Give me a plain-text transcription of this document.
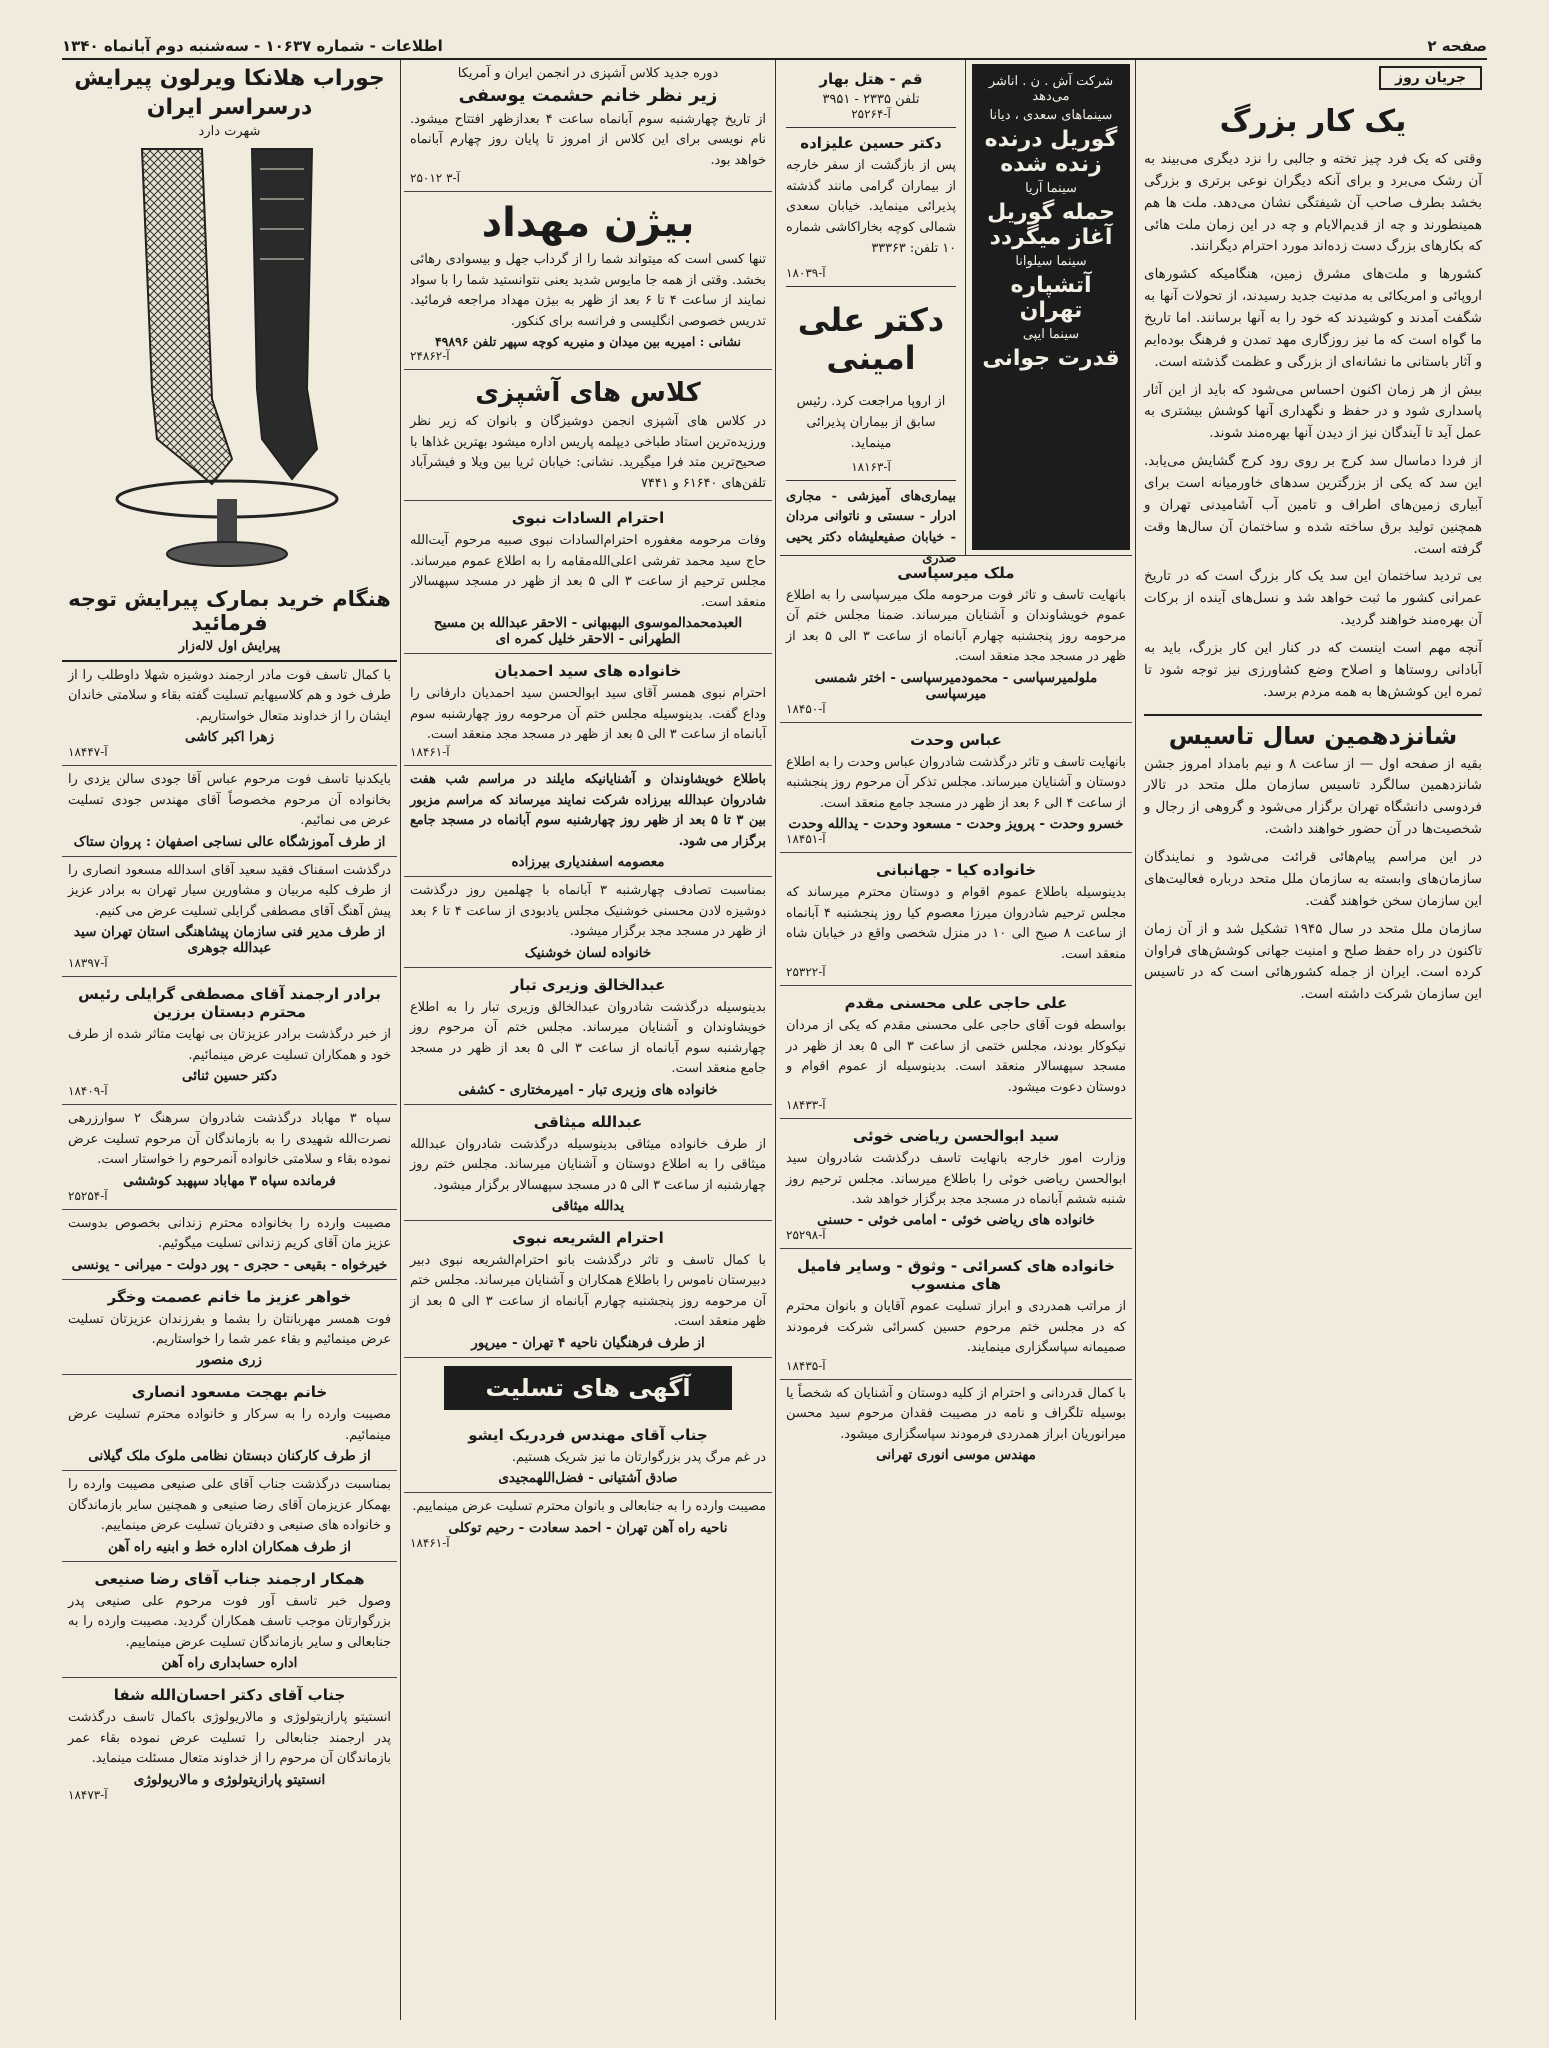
صفحه ۲
اطلاعات - شماره ۱۰۶۳۷ - سه‌شنبه دوم آبانماه ۱۳۴۰
جریان روز
یک کار بزرگ

وقتی که یک فرد چیز تخته و جالبی را نزد دیگری می‌بیند به آن رشک می‌برد و برای آنکه دیگران نوعی برتری و بزرگی بخشد بطرف صاحب آن شیفتگی نشان می‌دهد. ملت ها هم همینطورند و چه از قدیم‌الایام و چه در این زمان ملت هائی که بکارهای بزرگ دست زده‌اند مورد احترام دیگرانند.

کشورها و ملت‌های مشرق زمین، هنگامیکه کشورهای اروپائی و امریکائی به مدنیت جدید رسیدند، از تحولات آنها به شگفت آمدند و کوشیدند که خود را به آنها برسانند. اما تاریخ ما گواه است که ما نیز روزگاری مهد تمدن و فرهنگ بوده‌ایم و آثار باستانی ما نشانه‌ای از بزرگی و عظمت گذشته است.

بیش از هر زمان اکنون احساس می‌شود که باید از این آثار پاسداری شود و در حفظ و نگهداری آنها کوشش بیشتری به عمل آید تا آیندگان نیز از دیدن آنها بهره‌مند شوند.

از فردا دماسال سد کرج بر روی رود کرج گشایش می‌یابد. این سد که یکی از بزرگترین سدهای خاورمیانه است برای آبیاری زمین‌های اطراف و تامین آب آشامیدنی تهران و همچنین تولید برق ساخته شده و ساختمان آن سال‌ها وقت گرفته است.

بی تردید ساختمان این سد یک کار بزرگ است که در تاریخ عمرانی کشور ما ثبت خواهد شد و نسل‌های آینده از برکات آن بهره‌مند خواهند گردید.

آنچه مهم است اینست که در کنار این کار بزرگ، باید به آبادانی روستاها و اصلاح وضع کشاورزی نیز توجه شود تا ثمره این کوشش‌ها به همه مردم برسد.

شانزدهمین سال تاسیس

بقیه از صفحه اول — از ساعت ۸ و نیم بامداد امروز جشن شانزدهمین سالگرد تاسیس سازمان ملل متحد در تالار فردوسی دانشگاه تهران برگزار می‌شود و گروهی از رجال و شخصیت‌ها در آن حضور خواهند داشت.

در این مراسم پیام‌هائی قرائت می‌شود و نمایندگان سازمان‌های وابسته به سازمان ملل متحد درباره فعالیت‌های این سازمان سخن خواهند گفت.

سازمان ملل متحد در سال ۱۹۴۵ تشکیل شد و از آن زمان تاکنون در راه حفظ صلح و امنیت جهانی کوشش‌های فراوان کرده است. ایران از جمله کشورهائی است که در تاسیس این سازمان شرکت داشته است.

شرکت آش . ن . اناشر می‌دهد
سینماهای سعدی ، دیانا
گوریل درنده زنده شده
سینما آریا
حمله گوریل آغاز میگردد
سینما سیلوانا
آتشپاره تهران
سینما ایپی
قدرت جوانی
قم - هتل بهار
تلفن ۲۳۳۵ - ۳۹۵۱
آ-۲۵۲۶۴
دکتر حسین علیزاده

پس از بازگشت از سفر خارجه از بیماران گرامی مانند گذشته پذیرائی مینماید. خیابان سعدی شمالی کوچه بخاراکاشی شماره ۱۰ تلفن: ۳۳۳۶۳

آ-۱۸۰۳۹
دکتر علی امینی

از اروپا مراجعت کرد. رئیس سابق از بیماران پذیرائی مینماید.

آ-۱۸۱۶۳

بیماری‌های آمیزشی - مجاری ادرار - سستی و ناتوانی مردان - خیابان صفیعلیشاه دکتر یحیی صدری

ملک میرسپاسی

بانهایت تاسف و تاثر فوت مرحومه ملک میرسپاسی را به اطلاع عموم خویشاوندان و آشنایان میرساند. ضمنا مجلس ختم آن مرحومه روز پنجشنبه چهارم آبانماه از ساعت ۳ الی ۵ بعد از ظهر در مسجد مجد منعقد است.

ملولمیرسپاسی - محمودمیرسپاسی - اختر شمسی میرسپاسی
آ-۱۸۴۵۰
عباس وحدت

بانهایت تاسف و تاثر درگذشت شادروان عباس وحدت را به اطلاع دوستان و آشنایان میرساند. مجلس تذکر آن مرحوم روز پنجشنبه از ساعت ۴ الی ۶ بعد از ظهر در مسجد جامع منعقد است.

خسرو وحدت - پرویز وحدت - مسعود وحدت - یدالله وحدت
آ-۱۸۴۵۱
خانواده کیا - جهانبانی

بدینوسیله باطلاع عموم اقوام و دوستان محترم میرساند که مجلس ترحیم شادروان میرزا معصوم کیا روز پنجشنبه ۴ آبانماه از ساعت ۸ صبح الی ۱۰ در منزل شخصی واقع در خیابان شاه منعقد است.

آ-۲۵۳۲۲
علی حاجی علی محسنی مقدم

بواسطه فوت آقای حاجی علی محسنی مقدم که یکی از مردان نیکوکار بودند، مجلس ختمی از ساعت ۳ الی ۵ بعد از ظهر در مسجد سپهسالار منعقد است. بدینوسیله از عموم اقوام و دوستان دعوت میشود.

آ-۱۸۴۳۳
سید ابوالحسن ریاضی خوئی

وزارت امور خارجه بانهایت تاسف درگذشت شادروان سید ابوالحسن ریاضی خوئی را باطلاع میرساند. مجلس ترحیم روز شنبه ششم آبانماه در مسجد مجد برگزار خواهد شد.

خانواده های ریاضی خوئی - امامی خوئی - حسنی
آ-۲۵۲۹۸
خانواده های کسرائی - وثوق - وسایر فامیل های منسوب

از مراتب همدردی و ابراز تسلیت عموم آقایان و بانوان محترم که در مجلس ختم مرحوم حسین کسرائی شرکت فرمودند صمیمانه سپاسگزاری مینمایند.

آ-۱۸۴۳۵

با کمال قدردانی و احترام از کلیه دوستان و آشنایان که شخصاً یا بوسیله تلگراف و نامه در مصیبت فقدان مرحوم سید محسن میرانوریان ابراز همدردی فرمودند سپاسگزاری میشود.

مهندس موسی انوری تهرانی
دوره جدید کلاس آشپزی در انجمن ایران و آمریکا
زیر نظر خانم حشمت یوسفی

از تاریخ چهارشنبه سوم آبانماه ساعت ۴ بعدازظهر افتتاح میشود. نام نویسی برای این کلاس از امروز تا پایان روز چهارم آبانماه خواهد بود.

آ-۳ ۲۵۰۱۲
بیژن مهداد

تنها کسی است که میتواند شما را از گرداب جهل و بیسوادی رهائی بخشد. وقتی از همه جا مایوس شدید یعنی نتوانستید شما را با سواد نمایند از ساعت ۴ تا ۶ بعد از ظهر به بیژن مهداد مراجعه فرمائید. تدریس خصوصی انگلیسی و فرانسه برای کنکور.

نشانی : امیریه بین میدان و منیریه کوچه سپهر تلفن ۴۹۸۹۶
آ-۲۴۸۶۲
کلاس های آشپزی

در کلاس های آشپزی انجمن دوشیزگان و بانوان که زیر نظر ورزیده‌ترین استاد طباخی دیپلمه پاریس اداره میشود بهترین غذاها با صحیح‌ترین متد فرا میگیرید. نشانی: خیابان ثریا بین ویلا و فیشرآباد تلفن‌های ۶۱۶۴۰ و ۷۴۴۱

احترام السادات نبوی

وفات مرحومه مغفوره احترام‌السادات نبوی صبیه مرحوم آیت‌الله حاج سید محمد تفرشی اعلی‌الله‌مقامه را به اطلاع عموم میرساند. مجلس ترحیم از ساعت ۳ الی ۵ بعد از ظهر در مسجد سپهسالار منعقد است.

العبدمحمدالموسوی البهبهانی - الاحقر عبدالله بن مسیح الطهرانی - الاحقر خلیل کمره ای
خانواده های سید احمدیان

احترام نبوی همسر آقای سید ابوالحسن سید احمدیان دارفانی را وداع گفت. بدینوسیله مجلس ختم آن مرحومه روز چهارشنبه سوم آبانماه از ساعت ۳ الی ۵ بعد از ظهر در مسجد مجد منعقد است.

آ-۱۸۴۶۱

باطلاع خویشاوندان و آشنایانیکه مایلند در مراسم شب هفت شادروان عبدالله بیرزاده شرکت نمایند میرساند که مراسم مزبور بین ۳ تا ۵ بعد از ظهر روز چهارشنبه سوم آبانماه در مسجد جامع برگزار می شود.

معصومه اسفندیاری بیرزاده

بمناسبت تصادف چهارشنبه ۳ آبانماه با چهلمین روز درگذشت دوشیزه لادن محسنی خوشنیک مجلس یادبودی از ساعت ۴ تا ۶ بعد از ظهر در مسجد مجد برگزار میشود.

خانواده لسان خوشنیک
عبدالخالق وزیری تبار

بدینوسیله درگذشت شادروان عبدالخالق وزیری تبار را به اطلاع خویشاوندان و آشنایان میرساند. مجلس ختم آن مرحوم روز چهارشنبه سوم آبانماه از ساعت ۳ الی ۵ بعد از ظهر در مسجد جامع منعقد است.

خانواده های وزیری تبار - امیرمختاری - کشفی
عبدالله میثاقی

از طرف خانواده میثاقی بدینوسیله درگذشت شادروان عبدالله میثاقی را به اطلاع دوستان و آشنایان میرساند. مجلس ختم روز چهارشنبه از ساعت ۳ الی ۵ در مسجد سپهسالار برگزار میشود.

یدالله میثاقی
احترام الشریعه نبوی

با کمال تاسف و تاثر درگذشت بانو احترام‌الشریعه نبوی دبیر دبیرستان ناموس را باطلاع همکاران و آشنایان میرساند. مجلس ختم آن مرحومه روز پنجشنبه چهارم آبانماه از ساعت ۳ الی ۵ بعد از ظهر منعقد است.

از طرف فرهنگیان ناحیه ۴ تهران - میرپور
آگهی های تسلیت
جناب آقای مهندس فردریک ایشو

در غم مرگ پدر بزرگوارتان ما نیز شریک هستیم.

صادق آشتیانی - فضل‌اللهمجیدی

مصیبت وارده را به جنابعالی و بانوان محترم تسلیت عرض مینماییم.

ناحیه راه آهن تهران - احمد سعادت - رحیم توکلی
آ-۱۸۴۶۱
جوراب هلانکا ویرلون پیرایش
درسراسر ایران
شهرت دارد
هنگام خرید بمارک پیرایش توجه فرمائید
پیرایش اول لاله‌زار

با کمال تاسف فوت مادر ارجمند دوشیزه شهلا داوطلب را از طرف خود و هم کلاسیهایم تسلیت گفته بقاء و سلامتی خاندان ایشان را از خداوند متعال خواستاریم.

زهرا اکبر کاشی
آ-۱۸۴۴۷

بایکدنیا تاسف فوت مرحوم عباس آقا جودی سالن یزدی را بخانواده آن مرحوم مخصوصاً آقای مهندس جودی تسلیت عرض می نمائیم.

از طرف آموزشگاه عالی نساجی اصفهان : پروان ستاک

درگذشت اسفناک فقید سعید آقای اسدالله مسعود انصاری را از طرف کلیه مربیان و مشاورین سیار تهران به برادر عزیز پیش آهنگ آقای مصطفی گرایلی تسلیت عرض می کنیم.

از طرف مدیر فنی سازمان پیشاهنگی استان تهران سید عبدالله جوهری
آ-۱۸۳۹۷
برادر ارجمند آقای مصطفی گرایلی رئیس محترم دبستان برزین

از خبر درگذشت برادر عزیزتان بی نهایت متاثر شده از طرف خود و همکاران تسلیت عرض مینمائیم.

دکتر حسین ثنائی
آ-۱۸۴۰۹

سپاه ۳ مهاباد درگذشت شادروان سرهنگ ۲ سوارزرهی نصرت‌الله شهیدی را به بازماندگان آن مرحوم تسلیت عرض نموده بقاء و سلامتی خانواده آنمرحوم را خواستار است.

فرمانده سپاه ۳ مهاباد سپهبد کوششی
آ-۲۵۲۵۴

مصیبت وارده را بخانواده محترم زندانی بخصوص بدوست عزیز مان آقای کریم زندانی تسلیت میگوئیم.

خیرخواه - بقیعی - حجری - پور دولت - میرانی - یونسی
خواهر عزیز ما خانم عصمت وخگر

فوت همسر مهربانتان را بشما و بفرزندان عزیزتان تسلیت عرض مینمائیم و بقاء عمر شما را خواستاریم.

زری منصور
خانم بهجت مسعود انصاری

مصیبت وارده را به سرکار و خانواده محترم تسلیت عرض مینمائیم.

از طرف کارکنان دبستان نظامی ملوک ملک گیلانی

بمناسبت درگذشت جناب آقای علی صنیعی مصیبت وارده را بهمکار عزیزمان آقای رضا صنیعی و همچنین سایر بازماندگان و خانواده های صنیعی و دفتریان تسلیت عرض مینماییم.

از طرف همکاران اداره خط و ابنیه راه آهن
همکار ارجمند جناب آقای رضا صنیعی

وصول خبر تاسف آور فوت مرحوم علی صنیعی پدر بزرگوارتان موجب تاسف همکاران گردید. مصیبت وارده را به جنابعالی و سایر بازماندگان تسلیت عرض مینماییم.

اداره حسابداری راه آهن
جناب آقای دکتر احسان‌الله شفا

انستیتو پارازیتولوژی و مالاریولوژی باکمال تاسف درگذشت پدر ارجمند جنابعالی را تسلیت عرض نموده بقاء عمر بازماندگان آن مرحوم را از خداوند متعال مسئلت مینماید.

انستیتو پارازیتولوژی و مالاریولوژی
آ-۱۸۴۷۳
